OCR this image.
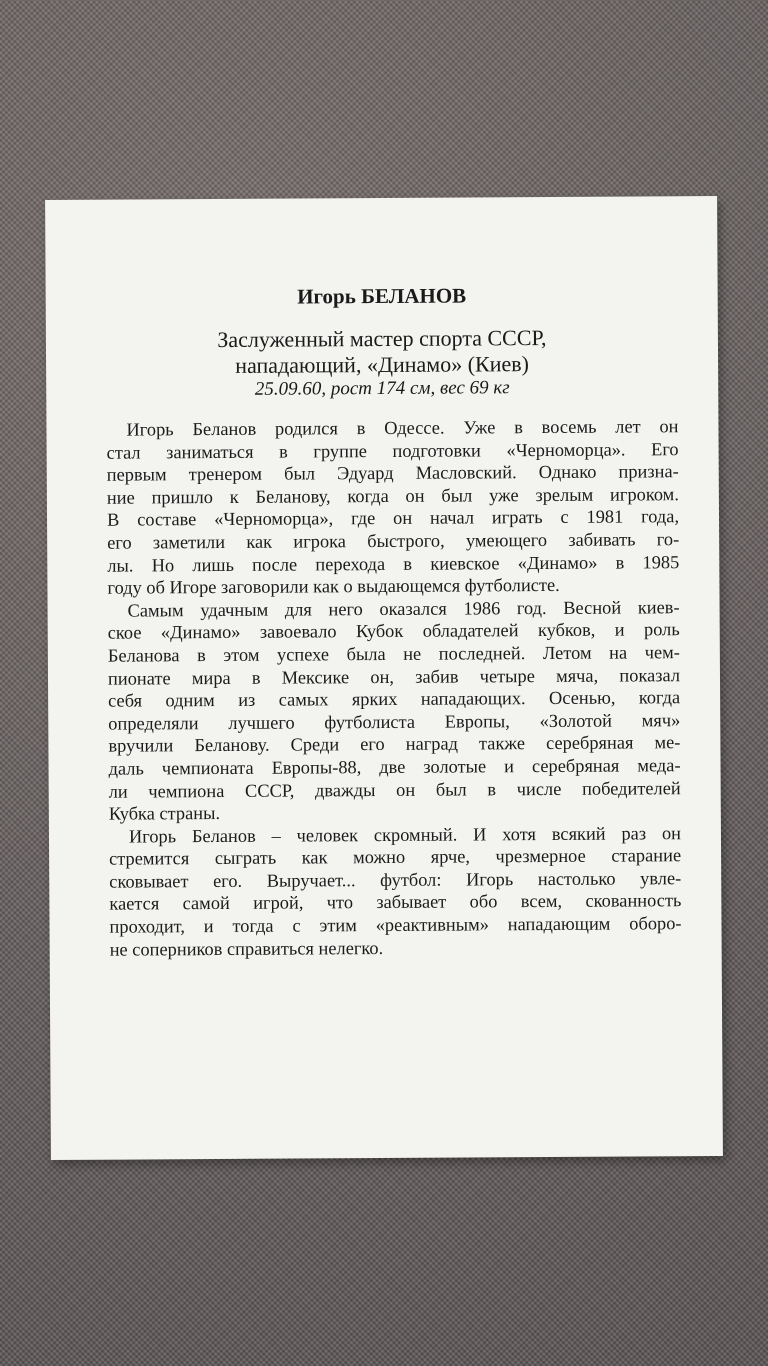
Игорь БЕЛАНОВ
Заслуженный мастер спорта СССР,
нападающий, «Динамо» (Киев)
25.09.60, рост 174 см, вес 69 кг
Игорь Беланов родился в Одессе. Уже в восемь лет он
стал заниматься в группе подготовки «Черноморца». Его
первым тренером был Эдуард Масловский. Однако призна-
ние пришло к Беланову, когда он был уже зрелым игроком.
В составе «Черноморца», где он начал играть с 1981 года,
его заметили как игрока быстрого, умеющего забивать го-
лы. Но лишь после перехода в киевское «Динамо» в 1985
году об Игоре заговорили как о выдающемся футболисте.
Самым удачным для него оказался 1986 год. Весной киев-
ское «Динамо» завоевало Кубок обладателей кубков, и роль
Беланова в этом успехе была не последней. Летом на чем-
пионате мира в Мексике он, забив четыре мяча, показал
себя одним из самых ярких нападающих. Осенью, когда
определяли лучшего футболиста Европы, «Золотой мяч»
вручили Беланову. Среди его наград также серебряная ме-
даль чемпионата Европы-88, две золотые и серебряная меда-
ли чемпиона СССР, дважды он был в числе победителей
Кубка страны.
Игорь Беланов – человек скромный. И хотя всякий раз он
стремится сыграть как можно ярче, чрезмерное старание
сковывает его. Выручает... футбол: Игорь настолько увле-
кается самой игрой, что забывает обо всем, скованность
проходит, и тогда с этим «реактивным» нападающим оборо-
не соперников справиться нелегко.
